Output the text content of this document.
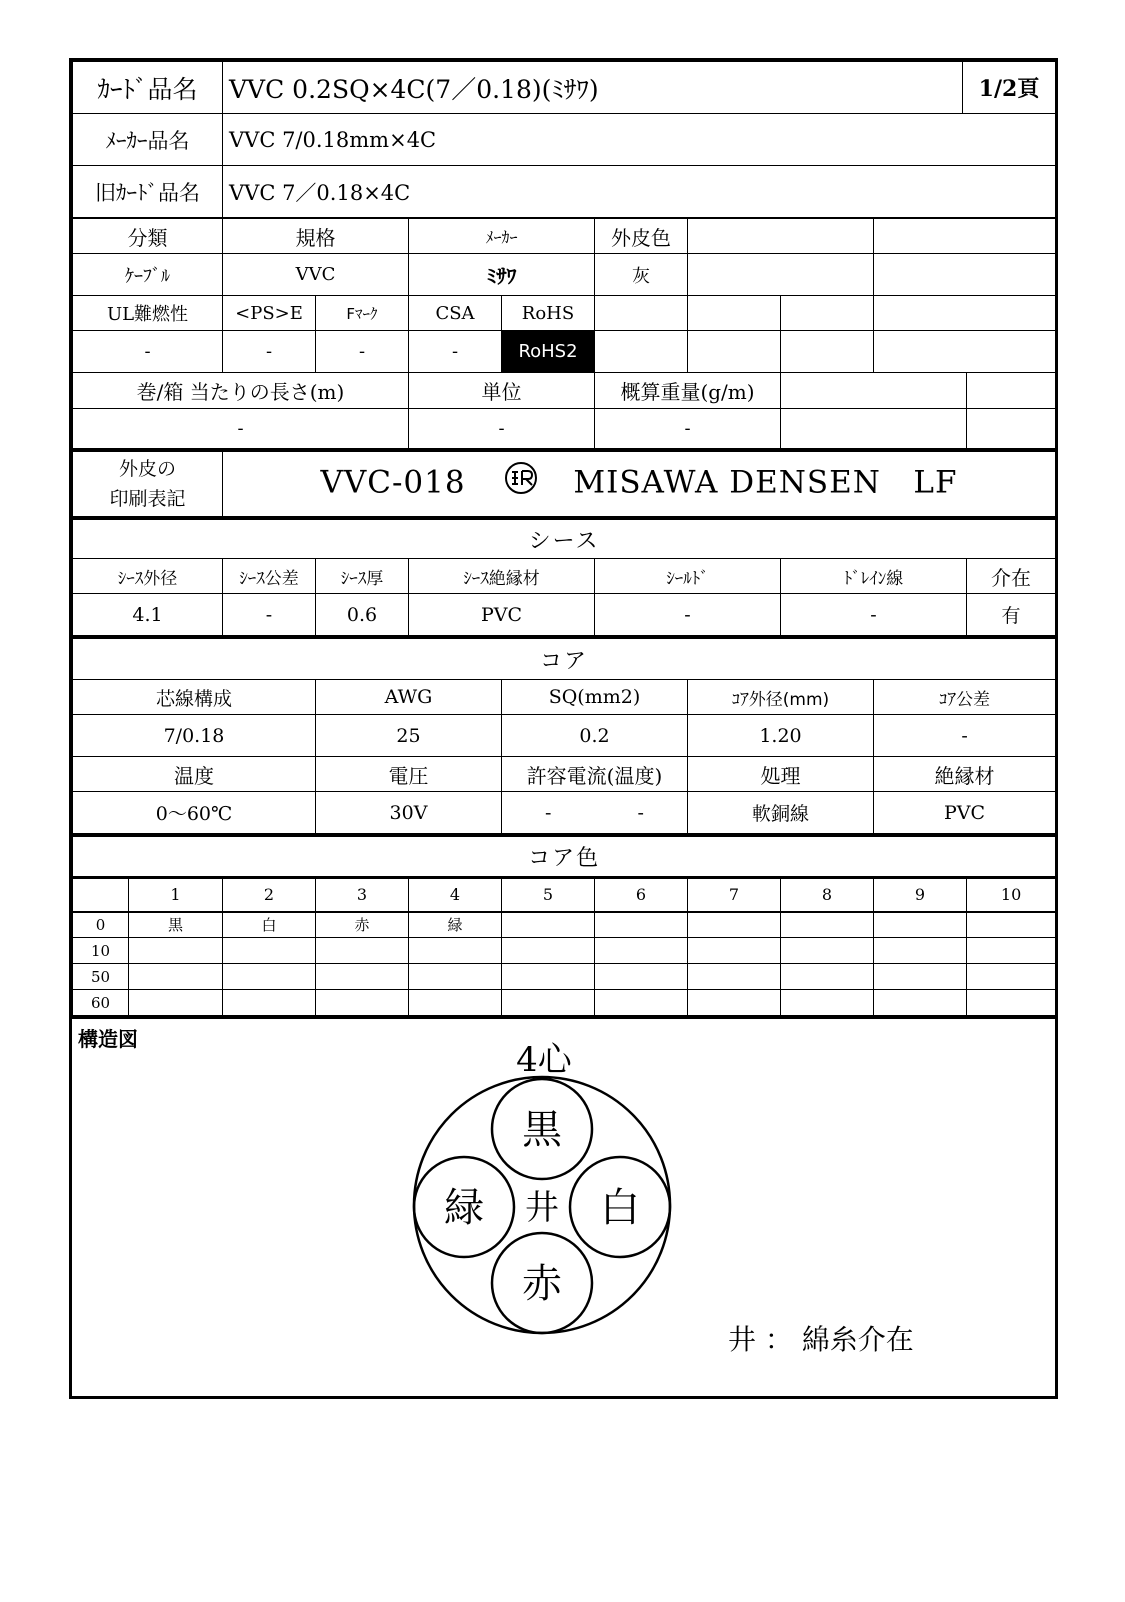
ｶｰﾄﾞ品名	VVC 0.2SQ×4C(7／0.18)(ﾐｻﾜ)	1/2頁
ﾒｰｶｰ品名	VVC 7/0.18mm×4C	
旧ｶｰﾄﾞ品名	VVC 7／0.18×4C	
分類	規格		ﾒｰｶｰ		外皮色				
ｹｰﾌﾞﾙ	VVC		ﾐｻﾜ		灰				
UL難燃性	<PS>E	Fﾏｰｸ	CSA	RoHS					
-	-	-	-	RoHS2					
巻/箱 当たりの長さ(m)			単位		概算重量(g/m)				
-			-		-				
外皮の
印刷表記	VVC-018	MISAWA DENSEN   LF
シース						
ｼｰｽ外径	ｼｰｽ公差	ｼｰｽ厚	ｼｰｽ絶縁材	ｼｰﾙﾄﾞ	ﾄﾞﾚｲﾝ線	介在
4.1	-	0.6	PVC	-	-	有
コア					
芯線構成	AWG	SQ(mm2)		ｺｱ外径(mm)	ｺｱ公差
7/0.18	25	0.2		1.20	-
温度	電圧	許容電流(温度)		処理	絶縁材
0～60℃	30V	-	-	軟銅線	PVC
コア色										
	1	2	3	4	5	6	7	8	9	10
0	黒	白	赤	緑						
10										
50										
60										
構造図
4心
黒
白
赤
緑 井
井 ： 綿糸介在
